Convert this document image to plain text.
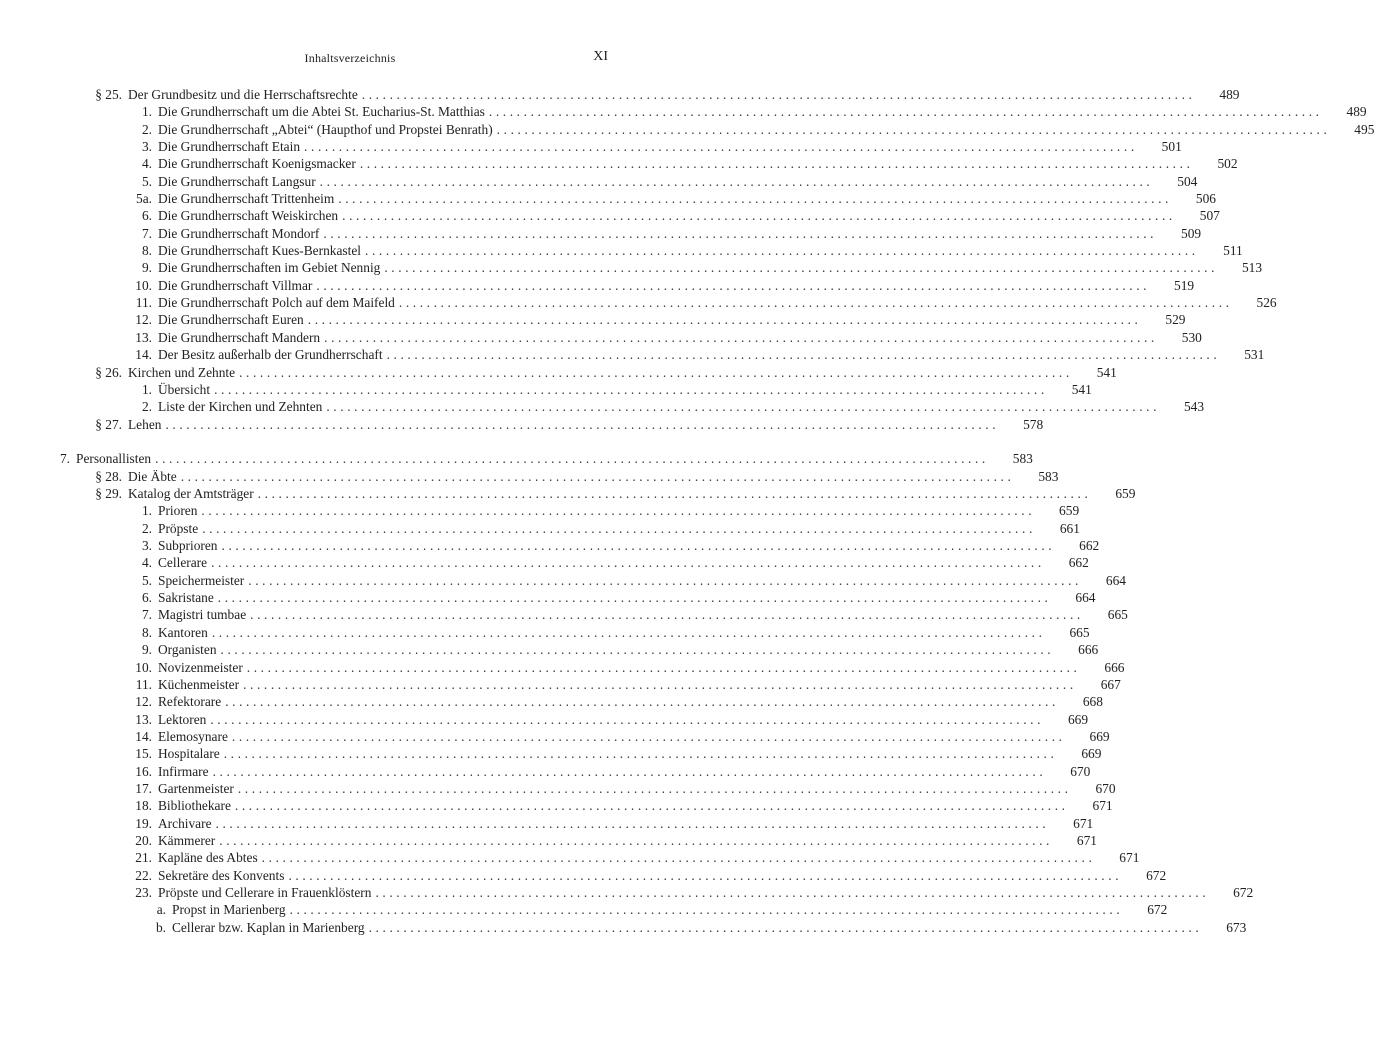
Inhaltsverzeichnis	XI
§ 25. Der Grundbesitz und die Herrschaftsrechte ........................................................................................................................	489
1. Die Grundherrschaft um die Abtei St. Eucharius-St. Matthias ........................................................................................................................	489
2. Die Grundherrschaft „Abtei“ (Haupthof und Propstei Benrath) ........................................................................................................................	495
3. Die Grundherrschaft Etain ........................................................................................................................	501
4. Die Grundherrschaft Koenigsmacker ........................................................................................................................	502
5. Die Grundherrschaft Langsur ........................................................................................................................	504
5a. Die Grundherrschaft Trittenheim ........................................................................................................................	506
6. Die Grundherrschaft Weiskirchen ........................................................................................................................	507
7. Die Grundherrschaft Mondorf ........................................................................................................................	509
8. Die Grundherrschaft Kues-Bernkastel ........................................................................................................................	511
9. Die Grundherrschaften im Gebiet Nennig ........................................................................................................................	513
10. Die Grundherrschaft Villmar ........................................................................................................................	519
11. Die Grundherrschaft Polch auf dem Maifeld ........................................................................................................................	526
12. Die Grundherrschaft Euren ........................................................................................................................	529
13. Die Grundherrschaft Mandern ........................................................................................................................	530
14. Der Besitz außerhalb der Grundherrschaft ........................................................................................................................	531
§ 26. Kirchen und Zehnte ........................................................................................................................	541
1. Übersicht ........................................................................................................................	541
2. Liste der Kirchen und Zehnten ........................................................................................................................	543
§ 27. Lehen ........................................................................................................................	578
7. Personallisten ........................................................................................................................	583
§ 28. Die Äbte ........................................................................................................................	583
§ 29. Katalog der Amtsträger ........................................................................................................................	659
1. Prioren ........................................................................................................................	659
2. Pröpste ........................................................................................................................	661
3. Subprioren ........................................................................................................................	662
4. Cellerare ........................................................................................................................	662
5. Speichermeister ........................................................................................................................	664
6. Sakristane ........................................................................................................................	664
7. Magistri tumbae ........................................................................................................................	665
8. Kantoren ........................................................................................................................	665
9. Organisten ........................................................................................................................	666
10. Novizenmeister ........................................................................................................................	666
11. Küchenmeister ........................................................................................................................	667
12. Refektorare ........................................................................................................................	668
13. Lektoren ........................................................................................................................	669
14. Elemosynare ........................................................................................................................	669
15. Hospitalare ........................................................................................................................	669
16. Infirmare ........................................................................................................................	670
17. Gartenmeister ........................................................................................................................	670
18. Bibliothekare ........................................................................................................................	671
19. Archivare ........................................................................................................................	671
20. Kämmerer ........................................................................................................................	671
21. Kapläne des Abtes ........................................................................................................................	671
22. Sekretäre des Konvents ........................................................................................................................	672
23. Pröpste und Cellerare in Frauenklöstern ........................................................................................................................	672
a. Propst in Marienberg ........................................................................................................................	672
b. Cellerar bzw. Kaplan in Marienberg ........................................................................................................................	673
